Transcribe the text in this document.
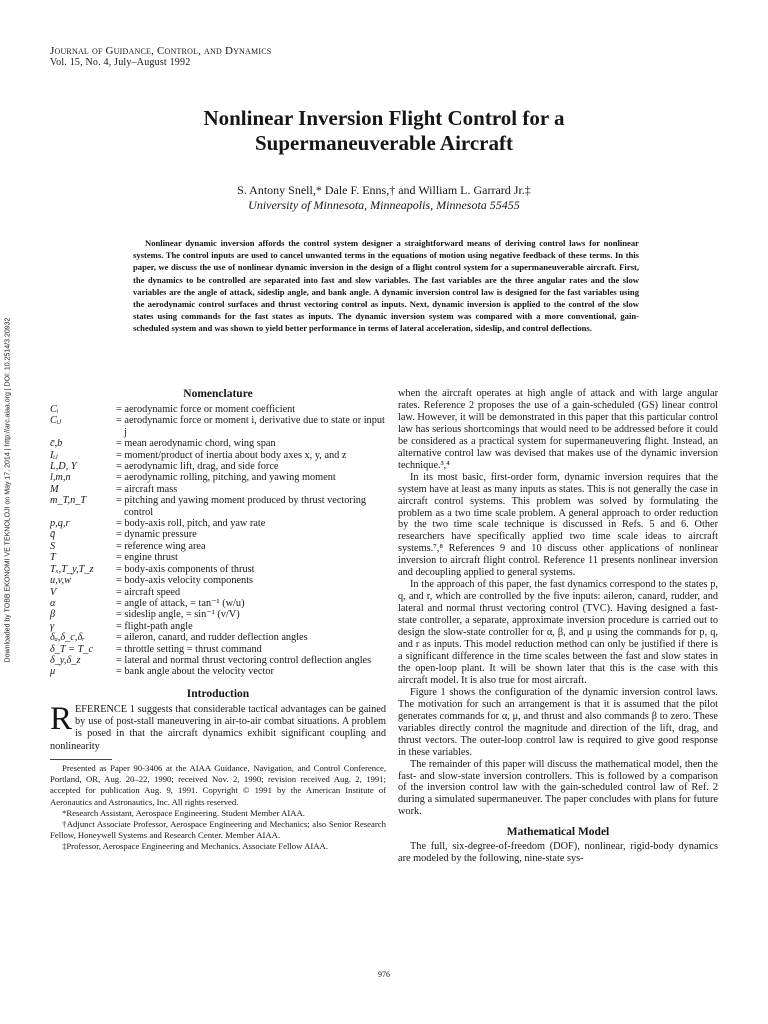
Journal of Guidance, Control, and Dynamics
Vol. 15, No. 4, July–August 1992
Nonlinear Inversion Flight Control for a
Supermaneuverable Aircraft
S. Antony Snell,* Dale F. Enns,† and William L. Garrard Jr.‡
University of Minnesota, Minneapolis, Minnesota 55455

Nonlinear dynamic inversion affords the control system designer a straightforward means of deriving control laws for nonlinear systems. The control inputs are used to cancel unwanted terms in the equations of motion using negative feedback of these terms. In this paper, we discuss the use of nonlinear dynamic inversion in the design of a flight control system for a supermaneuverable aircraft. First, the dynamics to be controlled are separated into fast and slow variables. The fast variables are the three angular rates and the slow variables are the angle of attack, sideslip angle, and bank angle. A dynamic inversion control law is designed for the fast variables using the aerodynamic control surfaces and thrust vectoring control as inputs. Next, dynamic inversion is applied to the control of the slow states using commands for the fast states as inputs. The dynamic inversion system was compared with a more conventional, gain-scheduled system and was shown to yield better performance in terms of lateral acceleration, sideslip, and control deflections.

Downloaded by TOBB EKONOMI VE TEKNOLOJI on May 17, 2014 | http://arc.aiaa.org | DOI: 10.2514/3.20932	Nomenclature
Cᵢ	= aerodynamic force or moment coefficient
Cᵢⱼ	= aerodynamic force or moment i, derivative due to state or input j
c̄,b	= mean aerodynamic chord, wing span
Iᵢⱼ	= moment/product of inertia about body axes x, y, and z
L,D, Y	= aerodynamic lift, drag, and side force
l,m,n	= aerodynamic rolling, pitching, and yawing moment
M	= aircraft mass
m_T,n_T	= pitching and yawing moment produced by thrust vectoring control
p,q,r	= body-axis roll, pitch, and yaw rate
q̄	= dynamic pressure
S	= reference wing area
T	= engine thrust
Tₓ,T_y,T_z	= body-axis components of thrust
u,v,w	= body-axis velocity components
V	= aircraft speed
α	= angle of attack, = tan⁻¹ (w/u)
β	= sideslip angle, = sin⁻¹ (v/V)
γ	= flight-path angle
δₐ,δ_c,δᵣ	= aileron, canard, and rudder deflection angles
δ_T = T_c	= throttle setting = thrust command
δ_y,δ_z	= lateral and normal thrust vectoring control deflection angles
μ	= bank angle about the velocity vector
Introduction

REFERENCE 1 suggests that considerable tactical advantages can be gained by use of post-stall maneuvering in air-to-air combat situations. A problem is posed in that the aircraft dynamics exhibit significant coupling and nonlinearity

Presented as Paper 90-3406 at the AIAA Guidance, Navigation, and Control Conference, Portland, OR, Aug. 20–22, 1990; received Nov. 2, 1990; revision received Aug. 2, 1991; accepted for publication Aug. 9, 1991. Copyright © 1991 by the American Institute of Aeronautics and Astronautics, Inc. All rights reserved.

*Research Assistant, Aerospace Engineering. Student Member AIAA.

†Adjunct Associate Professor, Aerospace Engineering and Mechanics; also Senior Research Fellow, Honeywell Systems and Research Center. Member AIAA.

‡Professor, Aerospace Engineering and Mechanics. Associate Fellow AIAA.

when the aircraft operates at high angle of attack and with large angular rates. Reference 2 proposes the use of a gain-scheduled (GS) linear control law. However, it will be demonstrated in this paper that this particular control law has serious shortcomings that would need to be addressed before it could be considered as a practical system for supermaneuvering flight. Instead, an alternative control law was devised that makes use of the dynamic inversion technique.³,⁴

In its most basic, first-order form, dynamic inversion requires that the system have at least as many inputs as states. This is not generally the case in aircraft control systems. This problem was solved by formulating the problem as a two time scale problem. A general approach to order reduction by the two time scale technique is discussed in Refs. 5 and 6. Other researchers have specifically applied two time scale ideas to aircraft systems.⁷,⁸ References 9 and 10 discuss other applications of nonlinear inversion to aircraft flight control. Reference 11 presents nonlinear inversion and decoupling applied to general systems.

In the approach of this paper, the fast dynamics correspond to the states p, q, and r, which are controlled by the five inputs: aileron, canard, rudder, and lateral and normal thrust vectoring control (TVC). Having designed a fast-state controller, a separate, approximate inversion procedure is carried out to design the slow-state controller for α, β, and μ using the commands for p, q, and r as inputs. This model reduction method can only be justified if there is a significant difference in the time scales between the fast and slow states in the open-loop plant. It will be shown later that this is the case with this aircraft model. It is also true for most aircraft.

Figure 1 shows the configuration of the dynamic inversion control laws. The motivation for such an arrangement is that it is assumed that the pilot generates commands for α, μ, and thrust and also commands β to zero. These variables directly control the magnitude and direction of the lift, drag, and thrust vectors. The outer-loop control law is required to give good response in these variables.

The remainder of this paper will discuss the mathematical model, then the fast- and slow-state inversion controllers. This is followed by a comparison of the inversion control law with the gain-scheduled control law of Ref. 2 during a simulated supermaneuver. The paper concludes with plans for future work.

Mathematical Model

The full, six-degree-of-freedom (DOF), nonlinear, rigid-body dynamics are modeled by the following, nine-state sys-

976
